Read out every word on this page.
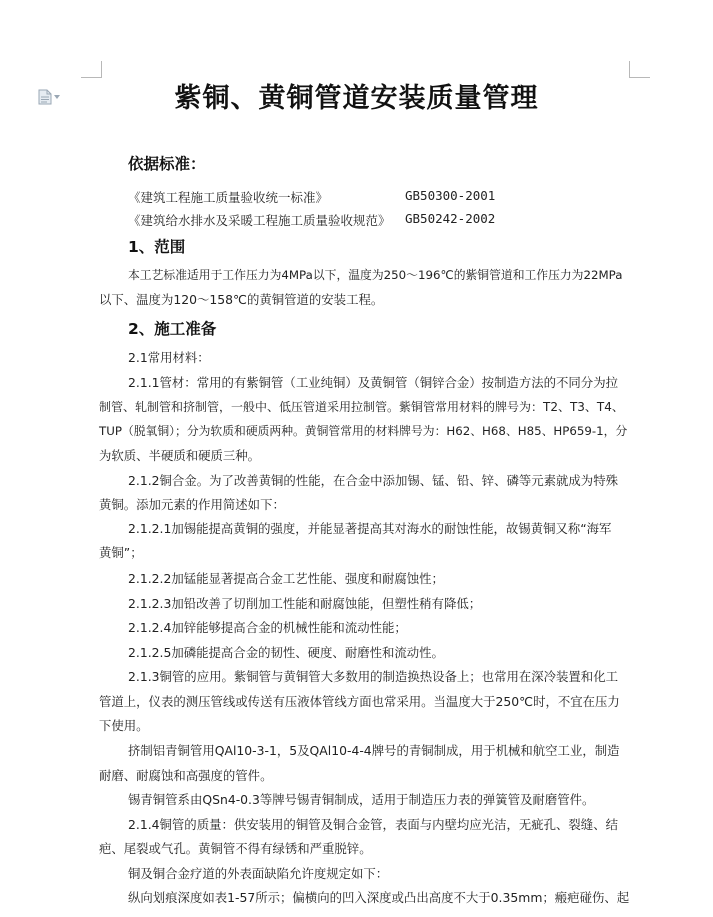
紫铜、黄铜管道安装质量管理
依据标准：
《建筑工程施工质量验收统一标准》	GB50300-2001
《建筑给水排水及采暖工程施工质量验收规范》 GB50242-2002
1、范围
本工艺标准适用于工作压力为4MPa以下，温度为250～196℃的紫铜管道和工作压力为22MPa
以下、温度为120～158℃的黄铜管道的安装工程。
2、施工准备
2.1常用材料：
2.1.1管材：常用的有紫铜管（工业纯铜）及黄铜管（铜锌合金）按制造方法的不同分为拉
制管、轧制管和挤制管，一般中、低压管道采用拉制管。紫铜管常用材料的牌号为：T2、T3、T4、
TUP（脱氧铜）；分为软质和硬质两种。黄铜管常用的材料牌号为：H62、H68、H85、HP659-1，分
为软质、半硬质和硬质三种。
2.1.2铜合金。为了改善黄铜的性能，在合金中添加锡、锰、铅、锌、磷等元素就成为特殊
黄铜。添加元素的作用简述如下：
2.1.2.1加锡能提高黄铜的强度，并能显著提高其对海水的耐蚀性能，故锡黄铜又称“海军
黄铜”；
2.1.2.2加锰能显著提高合金工艺性能、强度和耐腐蚀性；
2.1.2.3加铅改善了切削加工性能和耐腐蚀能，但塑性稍有降低；
2.1.2.4加锌能够提高合金的机械性能和流动性能；
2.1.2.5加磷能提高合金的韧性、硬度、耐磨性和流动性。
2.1.3铜管的应用。紫铜管与黄铜管大多数用的制造换热设备上；也常用在深冷装置和化工
管道上，仪表的测压管线或传送有压液体管线方面也常采用。当温度大于250℃时，不宜在压力
下使用。
挤制铝青铜管用QAl10-3-1，5及QAl10-4-4牌号的青铜制成，用于机械和航空工业，制造
耐磨、耐腐蚀和高强度的管件。
锡青铜管系由QSn4-0.3等牌号锡青铜制成，适用于制造压力表的弹簧管及耐磨管件。
2.1.4铜管的质量：供安装用的铜管及铜合金管，表面与内壁均应光洁，无疵孔、裂缝、结
疤、尾裂或气孔。黄铜管不得有绿锈和严重脱锌。
铜及铜合金疗道的外表面缺陷允许度规定如下：
纵向划痕深度如表1-57所示；偏横向的凹入深度或凸出高度不大于0.35mm；瘢疤碰伤、起
